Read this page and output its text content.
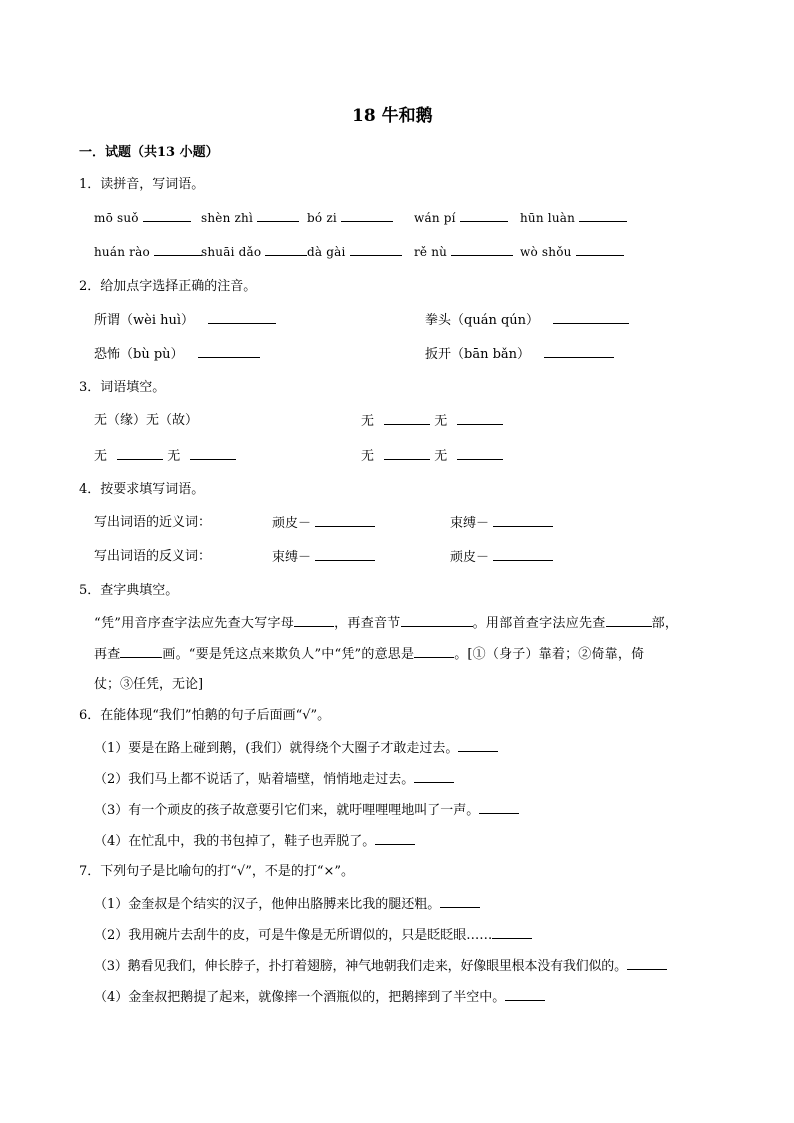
18 牛和鹅
一．试题（共13 小题）
1．读拼音，写词语。
mō suǒ	shèn zhì	bó zi	wán pí	hūn luàn
huán rào	shuāi dǎo	dà gài	rě nù	wò shǒu
2．给加点字选择正确的注音。
所谓（wèi huì）	拳头（quán qún）
恐怖（bù pù）	扳开（bān bǎn）
3．词语填空。
无（缘）无（故）	无	无
无	无	无	无
4．按要求填写词语。
写出词语的近义词：	顽皮－	束缚－
写出词语的反义词：	束缚－	顽皮－
5．查字典填空。
“凭”用音序查字法应先查大写字母	，再查音节	。用部首查字法应先查	部，
再查	画。“要是凭这点来欺负人”中“凭”的意思是	。[①（身子）靠着；②倚靠，倚
仗；③任凭，无论]
6．在能体现“我们”怕鹅的句子后面画“√”。
（1）要是在路上碰到鹅，(我们）就得绕个大圈子才敢走过去。
（2）我们马上都不说话了，贴着墙壁，悄悄地走过去。
（3）有一个顽皮的孩子故意要引它们来，就吁哩哩哩地叫了一声。
（4）在忙乱中，我的书包掉了，鞋子也弄脱了。
7．下列句子是比喻句的打“√”，不是的打“×”。
（1）金奎叔是个结实的汉子，他伸出胳膊来比我的腿还粗。
（2）我用碗片去刮牛的皮，可是牛像是无所谓似的，只是眨眨眼……
（3）鹅看见我们，伸长脖子，扑打着翅膀，神气地朝我们走来，好像眼里根本没有我们似的。
（4）金奎叔把鹅提了起来，就像摔一个酒瓶似的，把鹅摔到了半空中。
